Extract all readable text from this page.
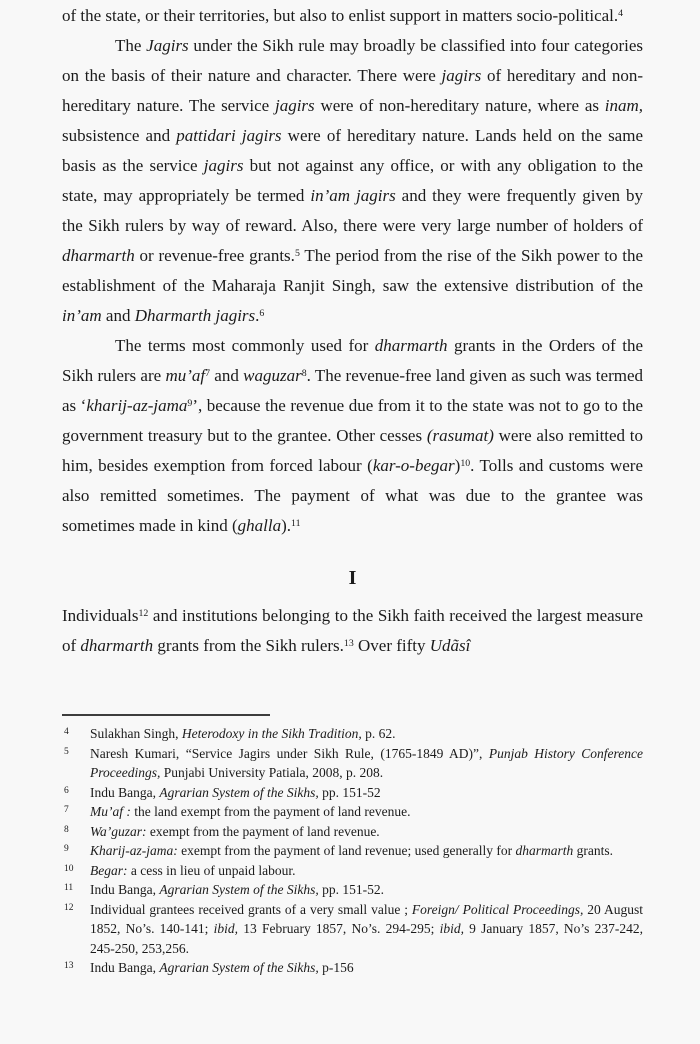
of the state, or their territories, but also to enlist support in matters socio-political.$^4$

The Jagirs under the Sikh rule may broadly be classified into four categories on the basis of their nature and character. There were jagirs of hereditary and non-hereditary nature. The service jagirs were of non-hereditary nature, where as inam, subsistence and pattidari jagirs were of hereditary nature. Lands held on the same basis as the service jagirs but not against any office, or with any obligation to the state, may appropriately be termed in’am jagirs and they were frequently given by the Sikh rulers by way of reward. Also, there were very large number of holders of dharmarth or revenue-free grants.$^5$ The period from the rise of the Sikh power to the establishment of the Maharaja Ranjit Singh, saw the extensive distribution of the in’am and Dharmarth jagirs.$^6$

The terms most commonly used for dharmarth grants in the Orders of the Sikh rulers are $mu’af^7$ and waguzar$^8$. The revenue-free land given as such was termed as ‘kharij-az-jama$^9$’, because the revenue due from it to the state was not to go to the government treasury but to the grantee. Other cesses (rasumat) were also remitted to him, besides exemption from forced labour (kar-o-begar)$^{10}$. Tolls and customs were also remitted sometimes. The payment of what was due to the grantee was sometimes made in kind (ghalla).$^{11}$

I

Individuals$^{12}$ and institutions belonging to the Sikh faith received the largest measure of dharmarth grants from the Sikh rulers.$^{13}$ Over fifty Udãsî

4 Sulakhan Singh, Heterodoxy in the Sikh Tradition, p. 62.
5 Naresh Kumari, “Service Jagirs under Sikh Rule, (1765-1849 AD)”, Punjab History Conference Proceedings, Punjabi University Patiala, 2008, p. 208.
6 Indu Banga, Agrarian System of the Sikhs, pp. 151-52
7 Mu’af : the land exempt from the payment of land revenue.
8 Wa’guzar: exempt from the payment of land revenue.
9 Kharij-az-jama: exempt from the payment of land revenue; used generally for dharmarth grants.
10 Begar: a cess in lieu of unpaid labour.
11 Indu Banga, Agrarian System of the Sikhs, pp. 151-52.
12 Individual grantees received grants of a very small value ; Foreign/ Political Proceedings, 20 August 1852, No’s. 140-141; ibid, 13 February 1857, No’s. 294-295; ibid, 9 January 1857, No’s 237-242, 245-250, 253,256.
13 Indu Banga, Agrarian System of the Sikhs, p-156
